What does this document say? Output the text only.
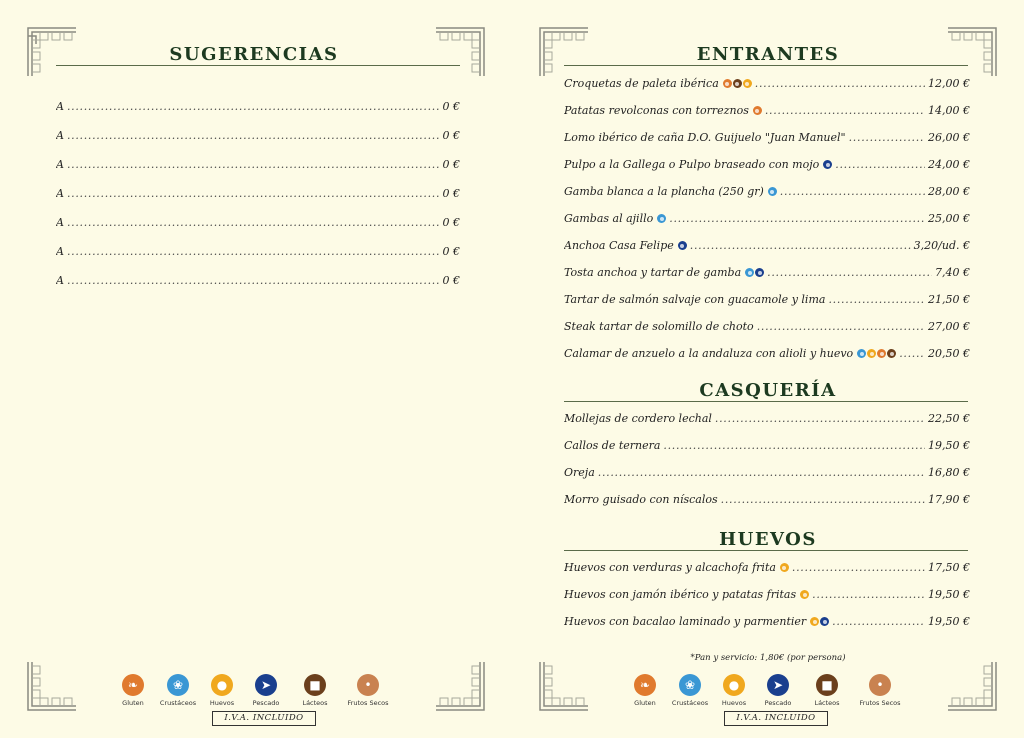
SUGERENCIAS
A . . .	0 €
A . . .	0 €
A . . .	0 €
A . . .	0 €
A . . .	0 €
A . . .	0 €
A . . .	0 €
❧
Gluten
❀
Crustáceos
●
Huevos
➤
Pescado
■
Lácteos
•
Frutos Secos
I.V.A. INCLUIDO
ENTRANTES
Croquetas de paleta ibérica . . .	12,00 €
Patatas revolconas con torreznos . . .	14,00 €
Lomo ibérico de caña D.O. Guijuelo "Juan Manuel" . . .	26,00 €
Pulpo a la Gallega o Pulpo braseado con mojo . . .	24,00 €
Gamba blanca a la plancha (250 gr) . . .	28,00 €
Gambas al ajillo . . .	25,00 €
Anchoa Casa Felipe . . .	3,20/ud. €
Tosta anchoa y tartar de gamba . . .	7,40 €
Tartar de salmón salvaje con guacamole y lima . . .	21,50 €
Steak tartar de solomillo de choto . . .	27,00 €
Calamar de anzuelo a la andaluza con alioli y huevo . . .	20,50 €
CASQUERÍA
Mollejas de cordero lechal . . .	22,50 €
Callos de ternera . . .	19,50 €
Oreja . . .	16,80 €
Morro guisado con níscalos . . .	17,90 €
HUEVOS
Huevos con verduras y alcachofa frita . . .	17,50 €
Huevos con jamón ibérico y patatas fritas . . .	19,50 €
Huevos con bacalao laminado y parmentier . . .	19,50 €
*Pan y servicio: 1,80€ (por persona)
❧
Gluten
❀
Crustáceos
●
Huevos
➤
Pescado
■
Lácteos
•
Frutos Secos
I.V.A. INCLUIDO
